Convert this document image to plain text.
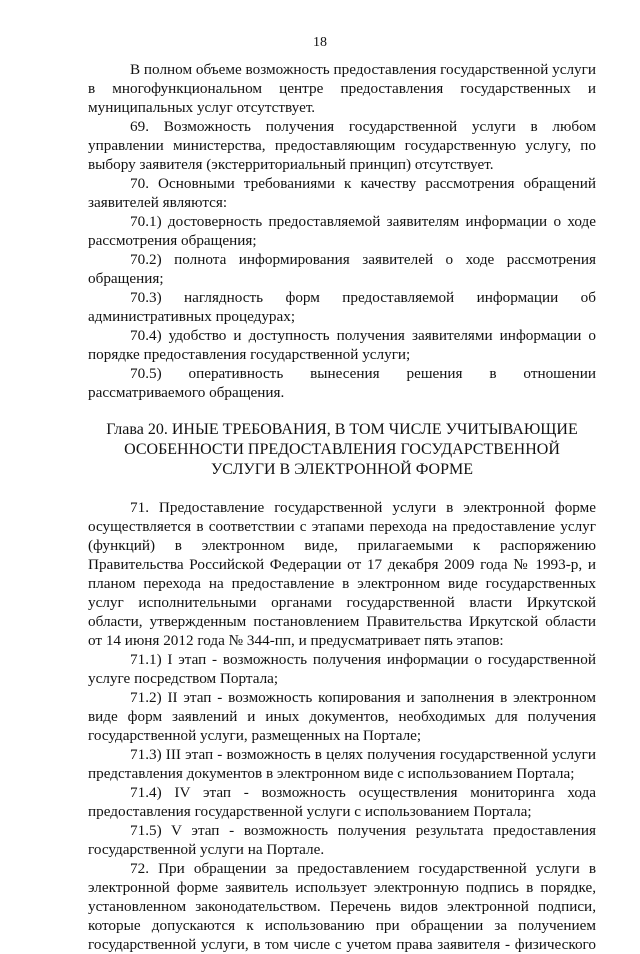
18

В полном объеме возможность предоставления государственной услуги в многофункциональном центре предоставления государственных и муниципальных услуг отсутствует.

69. Возможность получения государственной услуги в любом управлении министерства, предоставляющим государственную услугу, по выбору заявителя (экстерриториальный принцип) отсутствует.

70. Основными требованиями к качеству рассмотрения обращений заявителей являются:

70.1) достоверность предоставляемой заявителям информации о ходе рассмотрения обращения;

70.2) полнота информирования заявителей о ходе рассмотрения обращения;

70.3) наглядность форм предоставляемой информации об административных процедурах;

70.4) удобство и доступность получения заявителями информации о порядке предоставления государственной услуги;

70.5) оперативность вынесения решения в отношении рассматриваемого обращения.

Глава 20. ИНЫЕ ТРЕБОВАНИЯ, В ТОМ ЧИСЛЕ УЧИТЫВАЮЩИЕ
ОСОБЕННОСТИ ПРЕДОСТАВЛЕНИЯ ГОСУДАРСТВЕННОЙ
УСЛУГИ В ЭЛЕКТРОННОЙ ФОРМЕ

71. Предоставление государственной услуги в электронной форме осуществляется в соответствии с этапами перехода на предоставление услуг (функций) в электронном виде, прилагаемыми к распоряжению Правительства Российской Федерации от 17 декабря 2009 года № 1993-р, и планом перехода на предоставление в электронном виде государственных услуг исполнительными органами государственной власти Иркутской области, утвержденным постановлением Правительства Иркутской области от 14 июня 2012 года № 344-пп, и предусматривает пять этапов:

71.1) I этап - возможность получения информации о государственной услуге посредством Портала;

71.2) II этап - возможность копирования и заполнения в электронном виде форм заявлений и иных документов, необходимых для получения государственной услуги, размещенных на Портале;

71.3) III этап - возможность в целях получения государственной услуги представления документов в электронном виде с использованием Портала;

71.4) IV этап - возможность осуществления мониторинга хода предоставления государственной услуги с использованием Портала;

71.5) V этап - возможность получения результата предоставления государственной услуги на Портале.

72. При обращении за предоставлением государственной услуги в электронной форме заявитель использует электронную подпись в порядке, установленном законодательством. Перечень видов электронной подписи, которые допускаются к использованию при обращении за получением государственной услуги, в том числе с учетом права заявителя - физического
